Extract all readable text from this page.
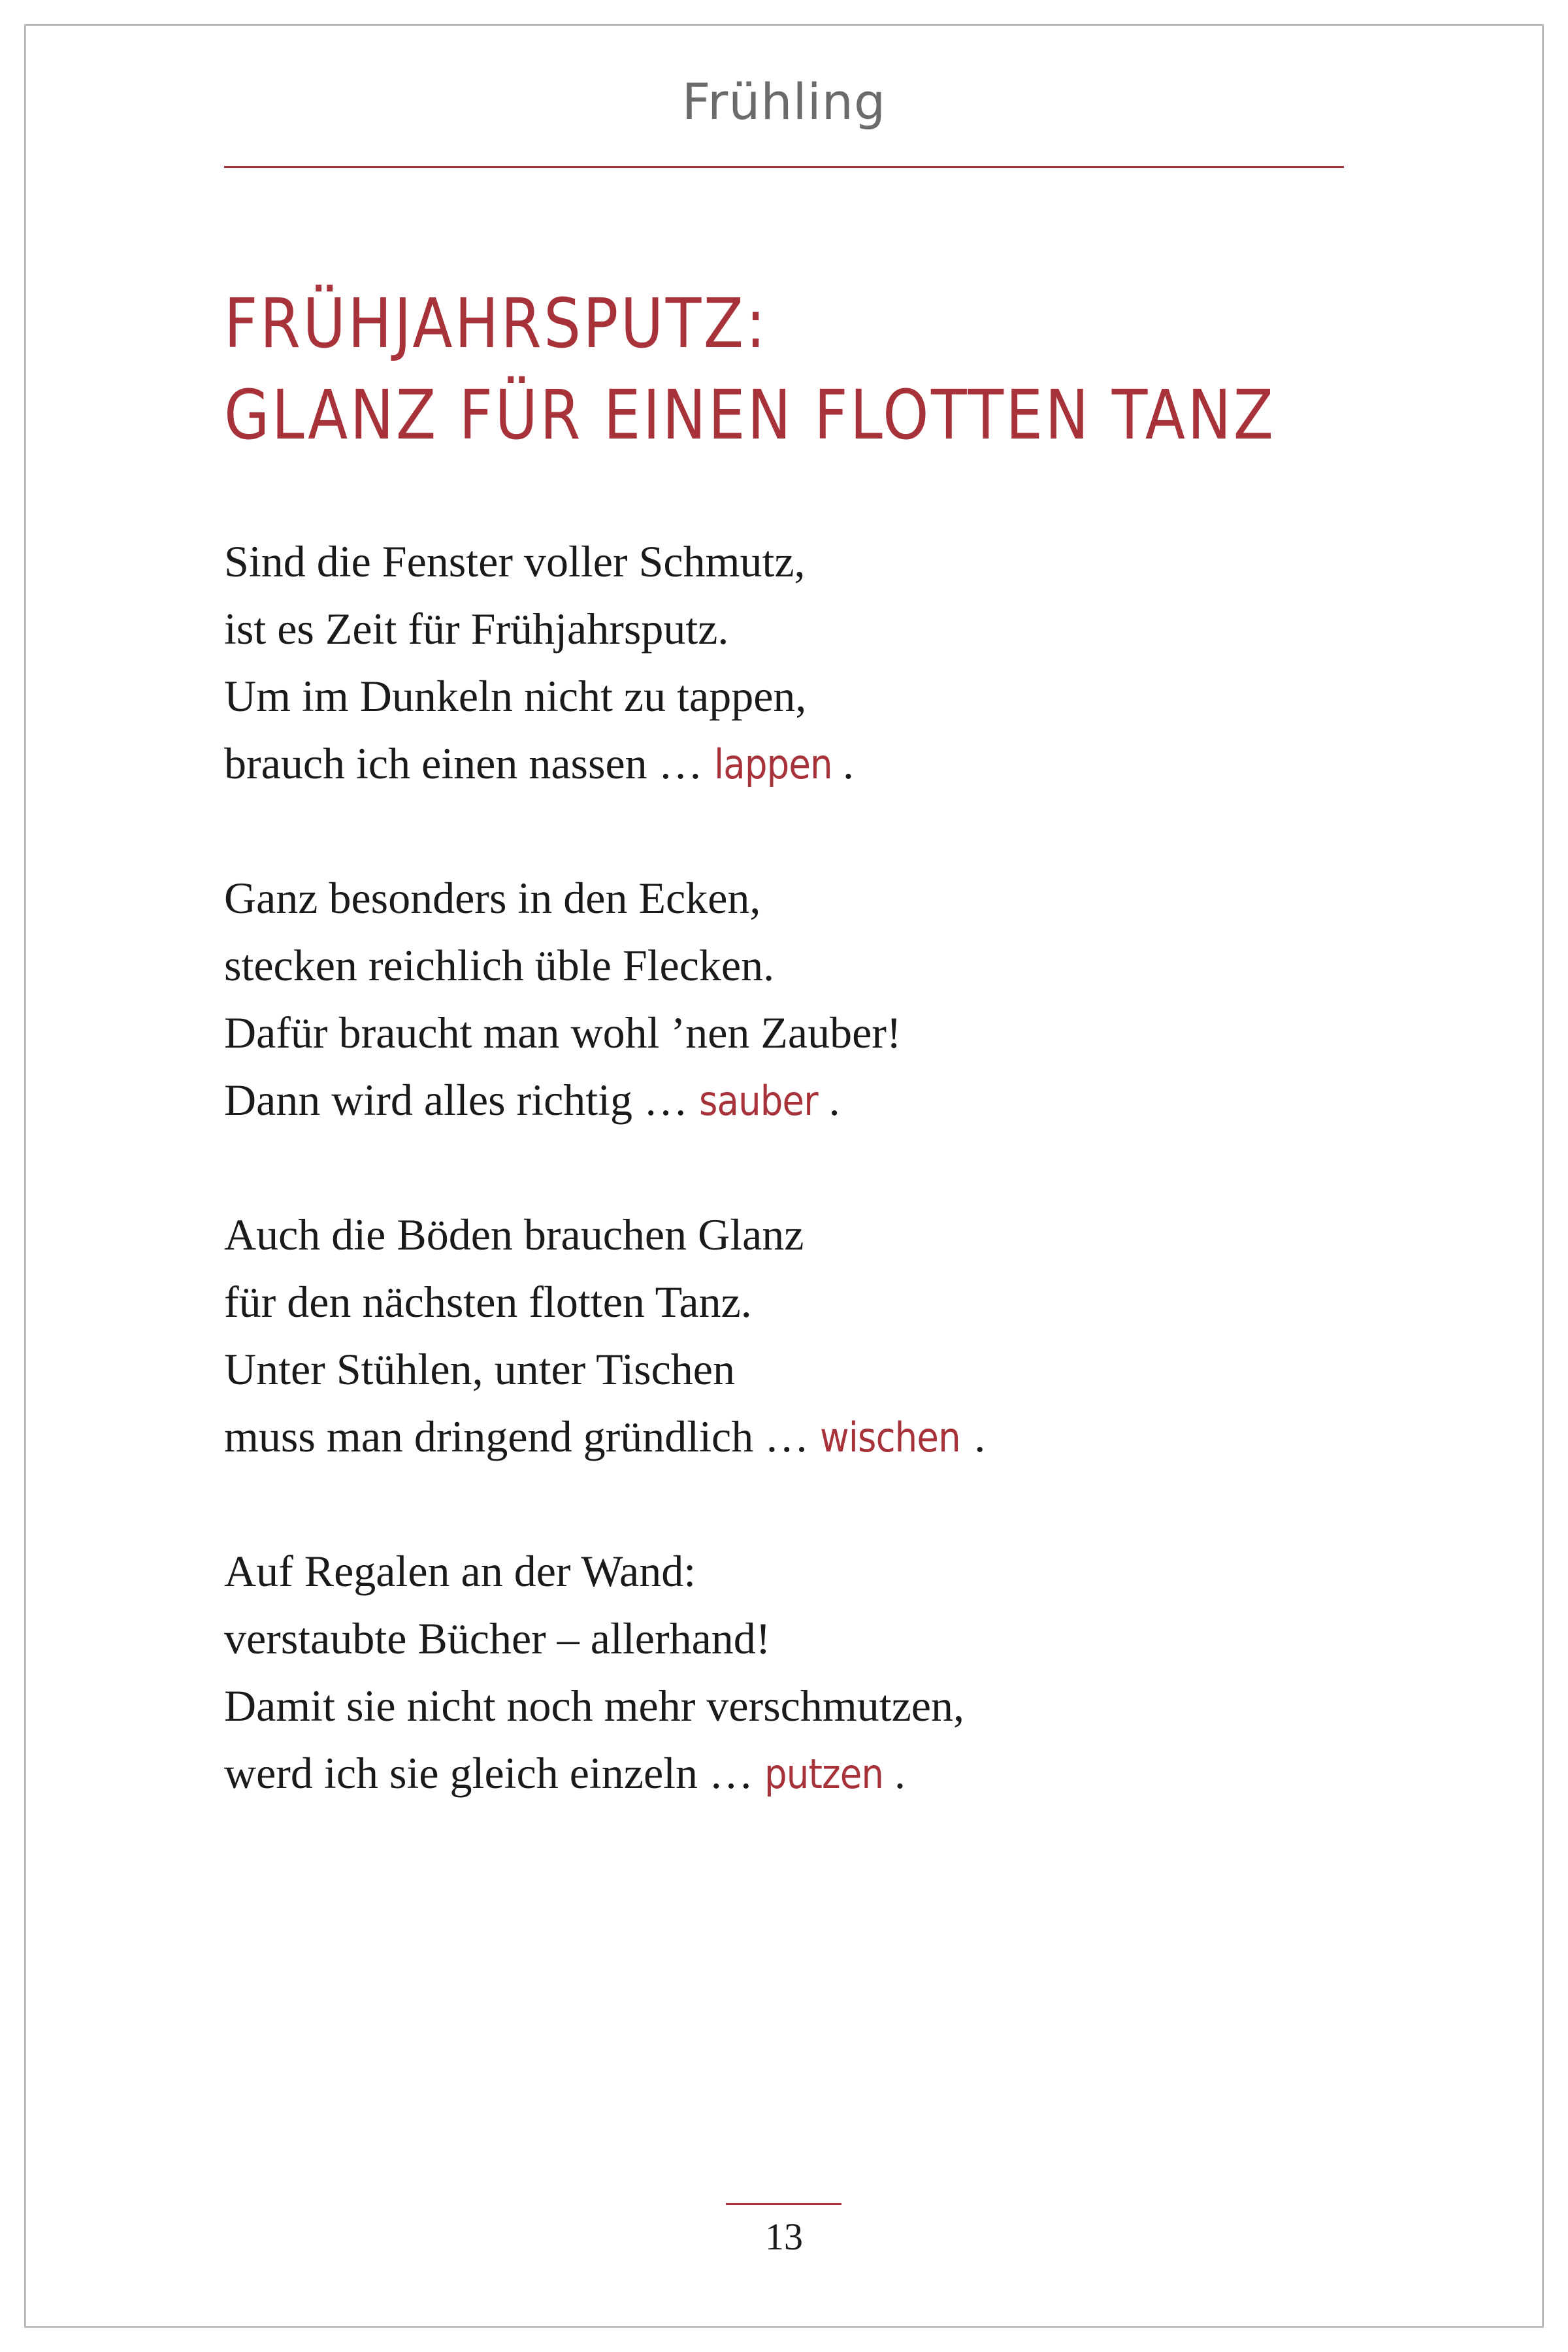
Frühling
FRÜHJAHRSPUTZ:
GLANZ FÜR EINEN FLOTTEN TANZ
Sind die Fenster voller Schmutz,
ist es Zeit für Frühjahrsputz.
Um im Dunkeln nicht zu tappen,
brauch ich einen nassen … lappen .
Ganz besonders in den Ecken,
stecken reichlich üble Flecken.
Dafür braucht man wohl ’nen Zauber!
Dann wird alles richtig … sauber .
Auch die Böden brauchen Glanz
für den nächsten flotten Tanz.
Unter Stühlen, unter Tischen
muss man dringend gründlich … wischen .
Auf Regalen an der Wand:
verstaubte Bücher – allerhand!
Damit sie nicht noch mehr verschmutzen,
werd ich sie gleich einzeln … putzen .
13
